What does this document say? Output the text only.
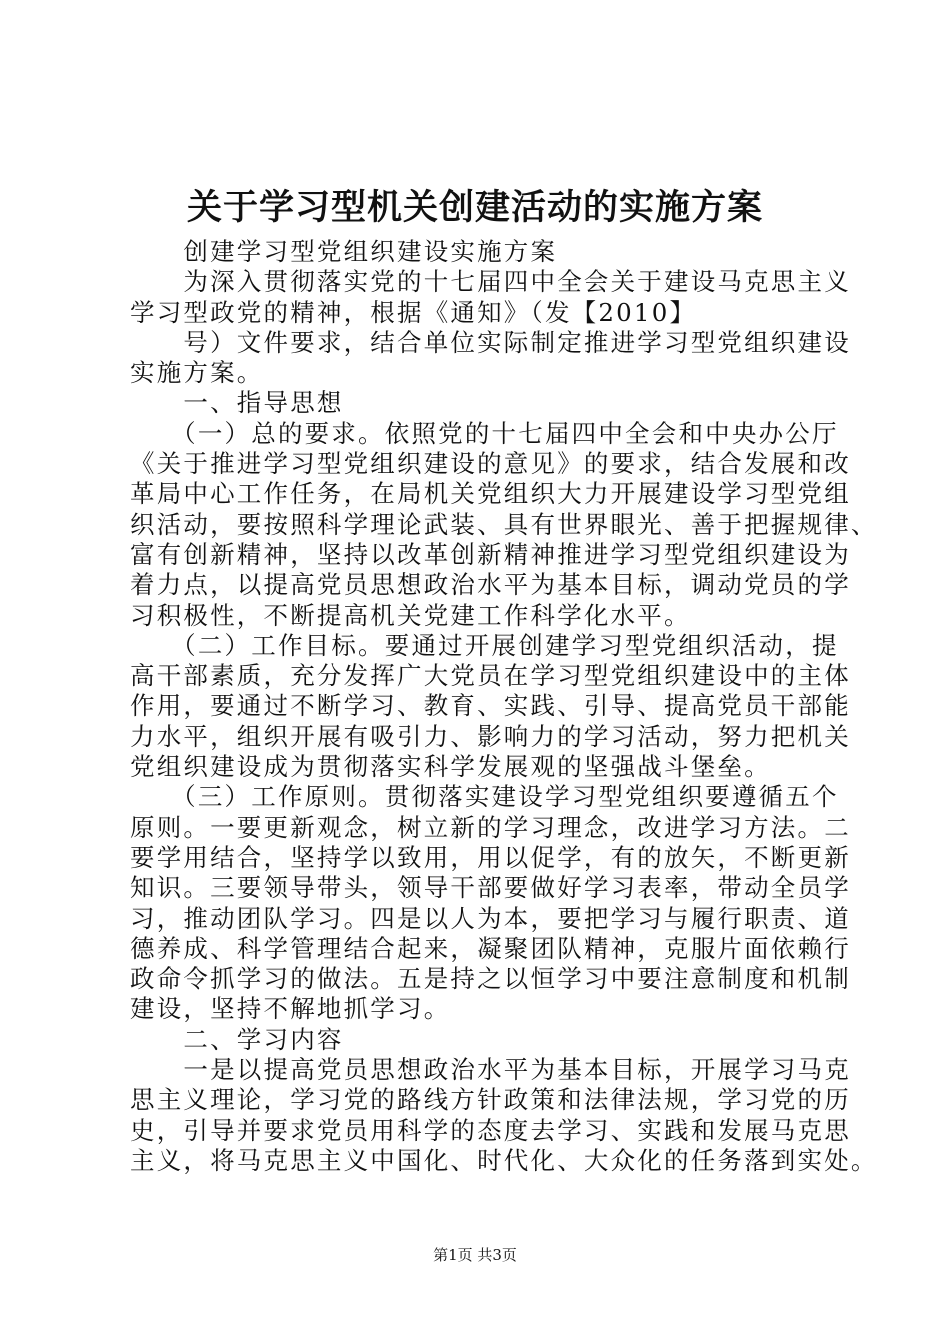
关于学习型机关创建活动的实施方案
　　创建学习型党组织建设实施方案
　　为深入贯彻落实党的十七届四中全会关于建设马克思主义
学习型政党的精神，根据《通知》（发【2010】
　　号）文件要求，结合单位实际制定推进学习型党组织建设
实施方案。
　　一、指导思想
　　（一）总的要求。依照党的十七届四中全会和中央办公厅
《关于推进学习型党组织建设的意见》的要求，结合发展和改
革局中心工作任务，在局机关党组织大力开展建设学习型党组
织活动，要按照科学理论武装、具有世界眼光、善于把握规律、
富有创新精神，坚持以改革创新精神推进学习型党组织建设为
着力点，以提高党员思想政治水平为基本目标，调动党员的学
习积极性，不断提高机关党建工作科学化水平。
　　（二）工作目标。要通过开展创建学习型党组织活动，提
高干部素质，充分发挥广大党员在学习型党组织建设中的主体
作用，要通过不断学习、教育、实践、引导、提高党员干部能
力水平，组织开展有吸引力、影响力的学习活动，努力把机关
党组织建设成为贯彻落实科学发展观的坚强战斗堡垒。
　　（三）工作原则。贯彻落实建设学习型党组织要遵循五个
原则。一要更新观念，树立新的学习理念，改进学习方法。二
要学用结合，坚持学以致用，用以促学，有的放矢，不断更新
知识。三要领导带头，领导干部要做好学习表率，带动全员学
习，推动团队学习。四是以人为本，要把学习与履行职责、道
德养成、科学管理结合起来，凝聚团队精神，克服片面依赖行
政命令抓学习的做法。五是持之以恒学习中要注意制度和机制
建设，坚持不解地抓学习。
　　二、学习内容
　　一是以提高党员思想政治水平为基本目标，开展学习马克
思主义理论，学习党的路线方针政策和法律法规，学习党的历
史，引导并要求党员用科学的态度去学习、实践和发展马克思
主义，将马克思主义中国化、时代化、大众化的任务落到实处。
第1页 共3页
